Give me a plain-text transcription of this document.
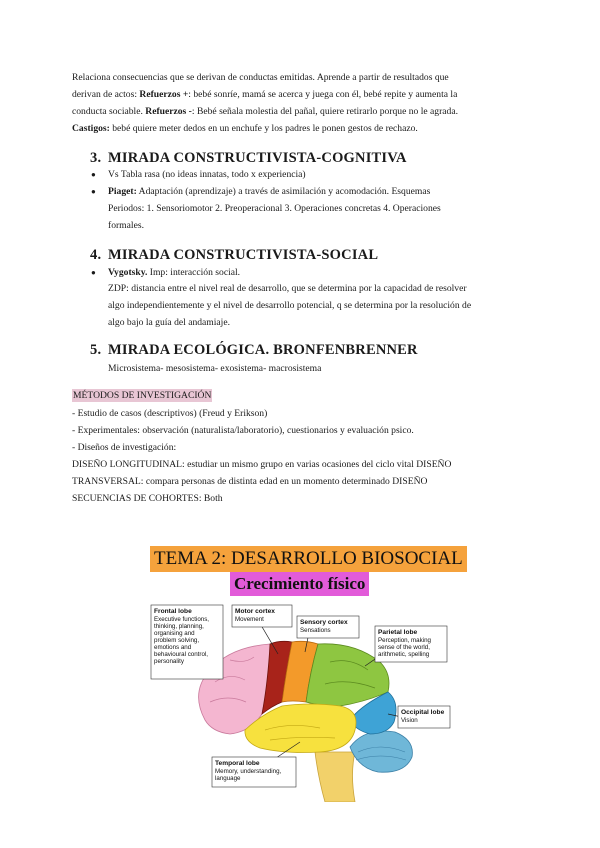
Relaciona consecuencias que se derivan de conductas emitidas. Aprende a partir de resultados que

derivan de actos: Refuerzos +: bebé sonríe, mamá se acerca y juega con él, bebé repite y aumenta la

conducta sociable. Refuerzos -: Bebé señala molestia del pañal, quiere retirarlo porque no le agrada.

Castigos: bebé quiere meter dedos en un enchufe y los padres le ponen gestos de rechazo.

3. MIRADA CONSTRUCTIVISTA-COGNITIVA
● Vs Tabla rasa (no ideas innatas, todo x experiencia)
● Piaget: Adaptación (aprendizaje) a través de asimilación y acomodación. Esquemas
Periodos: 1. Sensoriomotor 2. Preoperacional 3. Operaciones concretas 4. Operaciones
formales.
4. MIRADA CONSTRUCTIVISTA-SOCIAL
● Vygotsky. Imp: interacción social.
ZDP: distancia entre el nivel real de desarrollo, que se determina por la capacidad de resolver
algo independientemente y el nivel de desarrollo potencial, q se determina por la resolución de
algo bajo la guía del andamiaje.
5. MIRADA ECOLÓGICA. BRONFENBRENNER
Microsistema- mesosistema- exosistema- macrosistema
MÉTODOS DE INVESTIGACIÓN

- Estudio de casos (descriptivos) (Freud y Erikson)

- Experimentales: observación (naturalista/laboratorio), cuestionarios y evaluación psico.

- Diseños de investigación:

DISEÑO LONGITUDINAL: estudiar un mismo grupo en varias ocasiones del ciclo vital DISEÑO

TRANSVERSAL: compara personas de distinta edad en un momento determinado DISEÑO

SECUENCIAS DE COHORTES: Both

TEMA 2: DESARROLLO BIOSOCIAL
Crecimiento físico
Frontal lobe Executive functions, thinking, planning, organising and problem solving, emotions and behavioural control, personality
Motor cortex Movement	Sensory cortex Sensations	Parietal lobe Perception, making sense of the world, arithmetic, spelling
Occipital lobe Vision
Temporal lobe Memory, understanding, language
